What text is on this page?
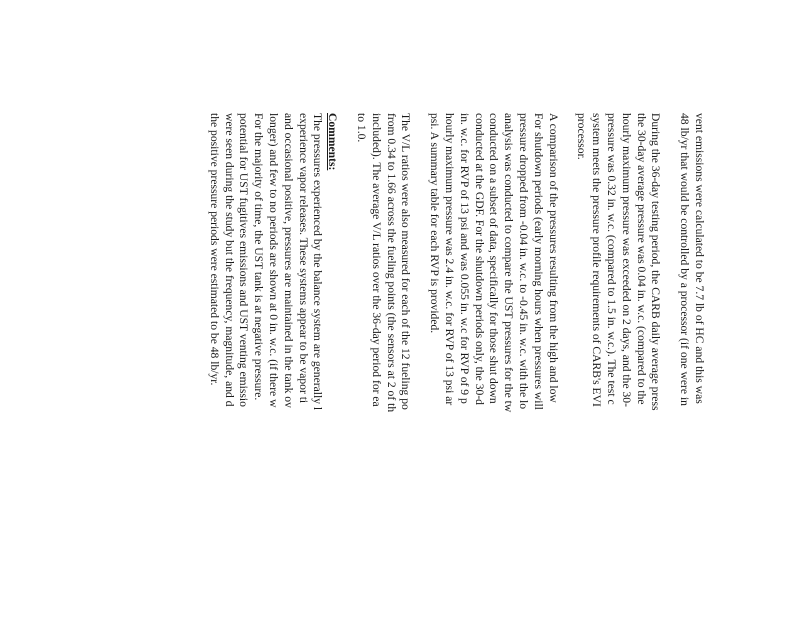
vent emissions were calculated to be 7.7 lb of HC and this was
48 lb/yr that would be controlled by a processor (if one were in
During the 36-day testing period, the CARB daily average press
the 30-day average pressure was 0.04 in. w.c. (compared to the
hourly maximum pressure was exceeded on 2 days, and the 30-
pressure was 0.32 in. w.c. (compared to 1.5 in. w.c.). The test c
system meets the pressure profile requirements of CARB's EVI
processor.
A comparison of the pressures resulting from the high and low
For shutdown periods (early morning hours when pressures will
pressure dropped from -0.04 in. w.c. to -0.45 in. w.c. with the lo
analysis was conducted to compare the UST pressures for the tw
conducted on a subset of data, specifically for those shut down
conducted at the GDF. For the shutdown periods only, the 30-d
in. w.c. for RVP of 13 psi and was 0.055 in. w.c for RVP of 9 p
hourly maximum pressure was 2.4 in. w.c. for RVP of 13 psi ar
psi. A summary table for each RVP is provided.
The V/L ratios were also measured for each of the 12 fueling po
from 0.34 to 1.66 across the fueling points (the sensors at 2 of th
included). The average V/L ratios over the 36-day period for ea
to 1.0.
Comments:
The pressures experienced by the balance system are generally l
experience vapor releases. These systems appear to be vapor ti
and occasional positive, pressures are maintained in the tank ov
longer) and few to no periods are shown at 0 in. w.c. (if there w
For the majority of time, the UST tank is at negative pressure.
potential for UST fugitives emissions and UST venting emissio
were seen during the study but the frequency, magnitude, and d
the positive pressure periods were estimated to be 48 lb/yr.
